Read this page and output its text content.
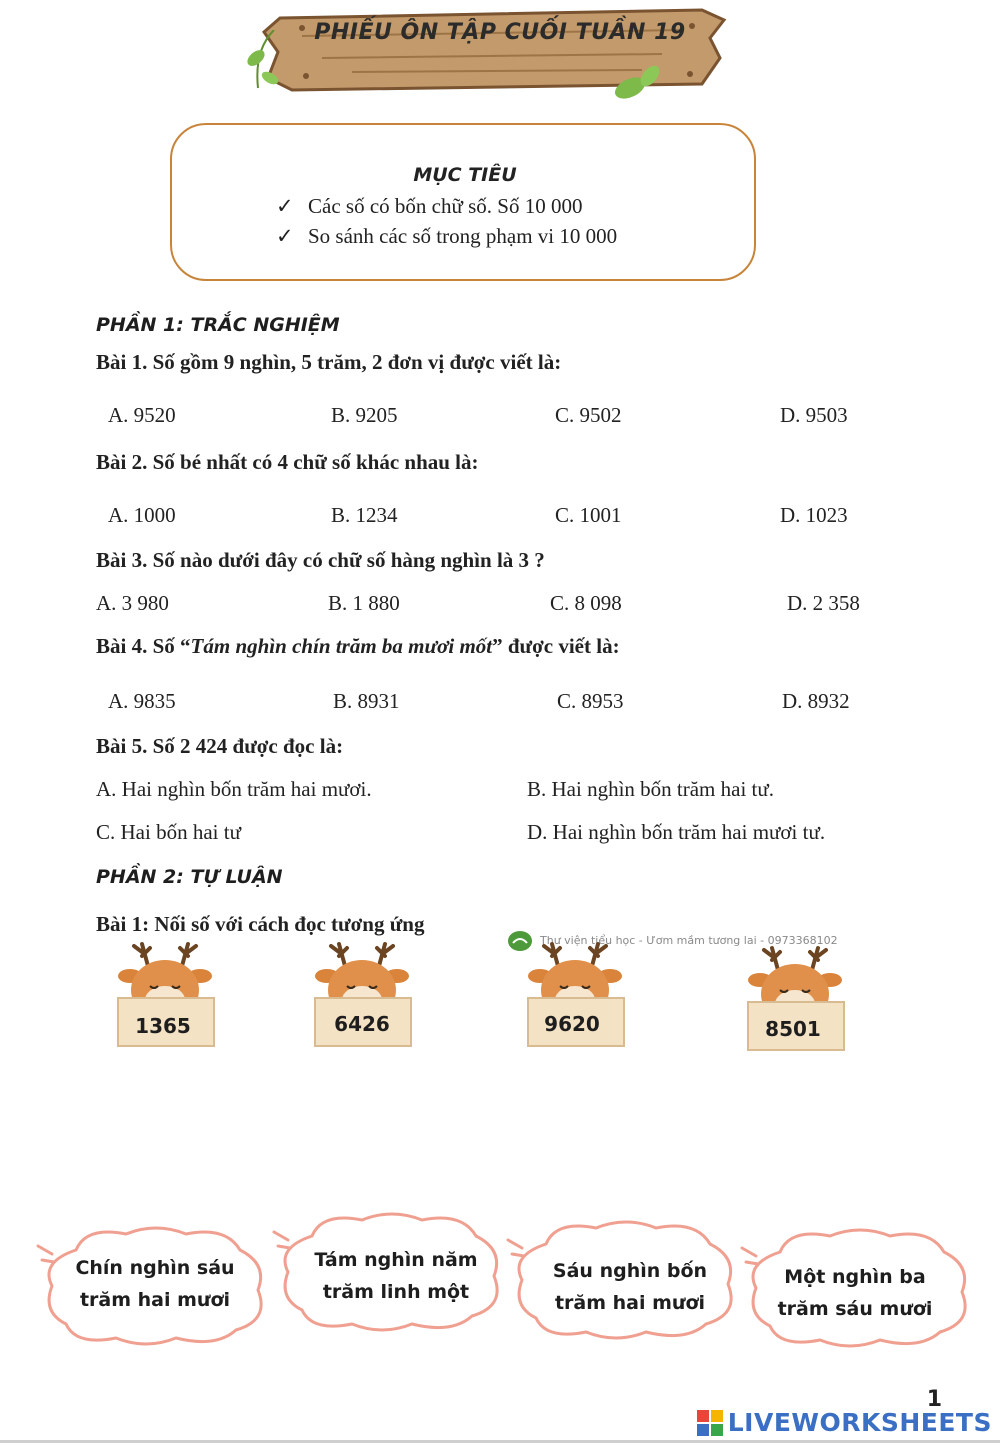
PHIẾU ÔN TẬP CUỐI TUẦN 19
MỤC TIÊU
✓ Các số có bốn chữ số. Số 10 000
✓ So sánh các số trong phạm vi 10 000
PHẦN 1: TRẮC NGHIỆM
Bài 1. Số gồm 9 nghìn, 5 trăm, 2 đơn vị được viết là:
A. 9520	B. 9205	C. 9502	D. 9503
Bài 2. Số bé nhất có 4 chữ số khác nhau là:
A. 1000	B. 1234	C. 1001	D. 1023
Bài 3. Số nào dưới đây có chữ số hàng nghìn là 3 ?
A. 3 980	B. 1 880	C. 8 098	D. 2 358
Bài 4. Số “Tám nghìn chín trăm ba mươi mốt” được viết là:
A. 9835	B. 8931	C. 8953	D. 8932
Bài 5. Số 2 424 được đọc là:
A. Hai nghìn bốn trăm hai mươi.	B. Hai nghìn bốn trăm hai tư.
C. Hai bốn hai tư	D. Hai nghìn bốn trăm hai mươi tư.
PHẦN 2: TỰ LUẬN
Bài 1: Nối số với cách đọc tương ứng
Thư viện tiểu học - Ươm mầm tương lai - 0973368102
1365	6426	9620	8501
Chín nghìn sáu
trăm hai mươi
Tám nghìn năm
trăm linh một
Sáu nghìn bốn
trăm hai mươi
Một nghìn ba
trăm sáu mươi
1
LIVEWORKSHEETS
